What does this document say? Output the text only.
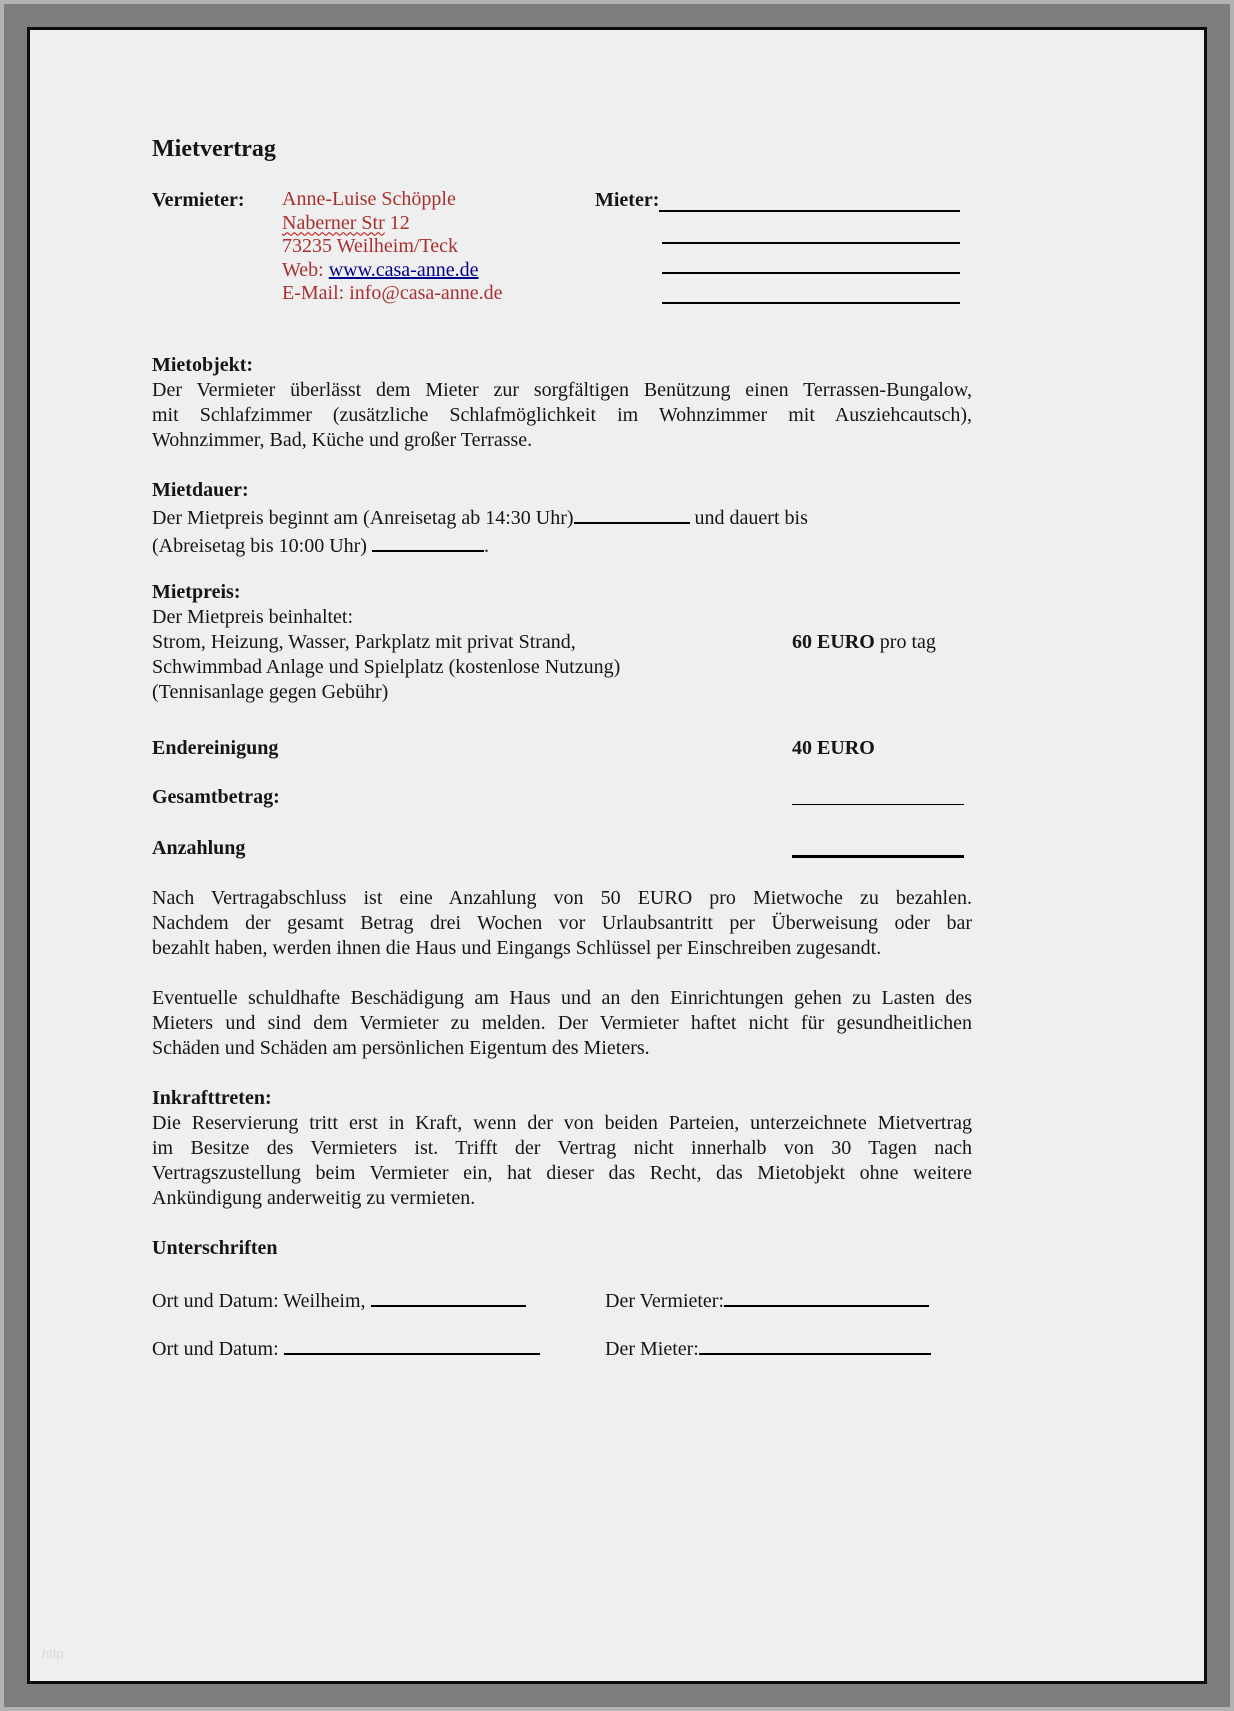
Mietvertrag
Vermieter:	Anne-Luise Schöpple
Naberner Str 12
73235 Weilheim/Teck
Web: www.casa-anne.de
E-Mail: info@casa-anne.de
Mieter:
Mietobjekt:
Der Vermieter überlässt dem Mieter zur sorgfältigen Benützung einen Terrassen-Bungalow,
mit Schlafzimmer (zusätzliche Schlafmöglichkeit im Wohnzimmer mit Ausziehcautsch),
Wohnzimmer, Bad, Küche und großer Terrasse.
Mietdauer:
Der Mietpreis beginnt am (Anreisetag ab 14:30 Uhr)	und dauert bis
(Abreisetag bis 10:00 Uhr)	.
Mietpreis:
Der Mietpreis beinhaltet:
Strom, Heizung, Wasser, Parkplatz mit privat Strand,	60 EURO pro tag
Schwimmbad Anlage und Spielplatz (kostenlose Nutzung)
(Tennisanlage gegen Gebühr)
Endereinigung	40 EURO
Gesamtbetrag:
Anzahlung
Nach Vertragabschluss ist eine Anzahlung von 50 EURO pro Mietwoche zu bezahlen.
Nachdem der gesamt Betrag drei Wochen vor Urlaubsantritt per Überweisung oder bar
bezahlt haben, werden ihnen die Haus und Eingangs Schlüssel per Einschreiben zugesandt.
Eventuelle schuldhafte Beschädigung am Haus und an den Einrichtungen gehen zu Lasten des
Mieters und sind dem Vermieter zu melden. Der Vermieter haftet nicht für gesundheitlichen
Schäden und Schäden am persönlichen Eigentum des Mieters.
Inkrafttreten:
Die Reservierung tritt erst in Kraft, wenn der von beiden Parteien, unterzeichnete Mietvertrag
im Besitze des Vermieters ist. Trifft der Vertrag nicht innerhalb von 30 Tagen nach
Vertragszustellung beim Vermieter ein, hat dieser das Recht, das Mietobjekt ohne weitere
Ankündigung anderweitig zu vermieten.
Unterschriften
Ort und Datum: Weilheim,	Der Vermieter:
Ort und Datum:	Der Mieter:
http
